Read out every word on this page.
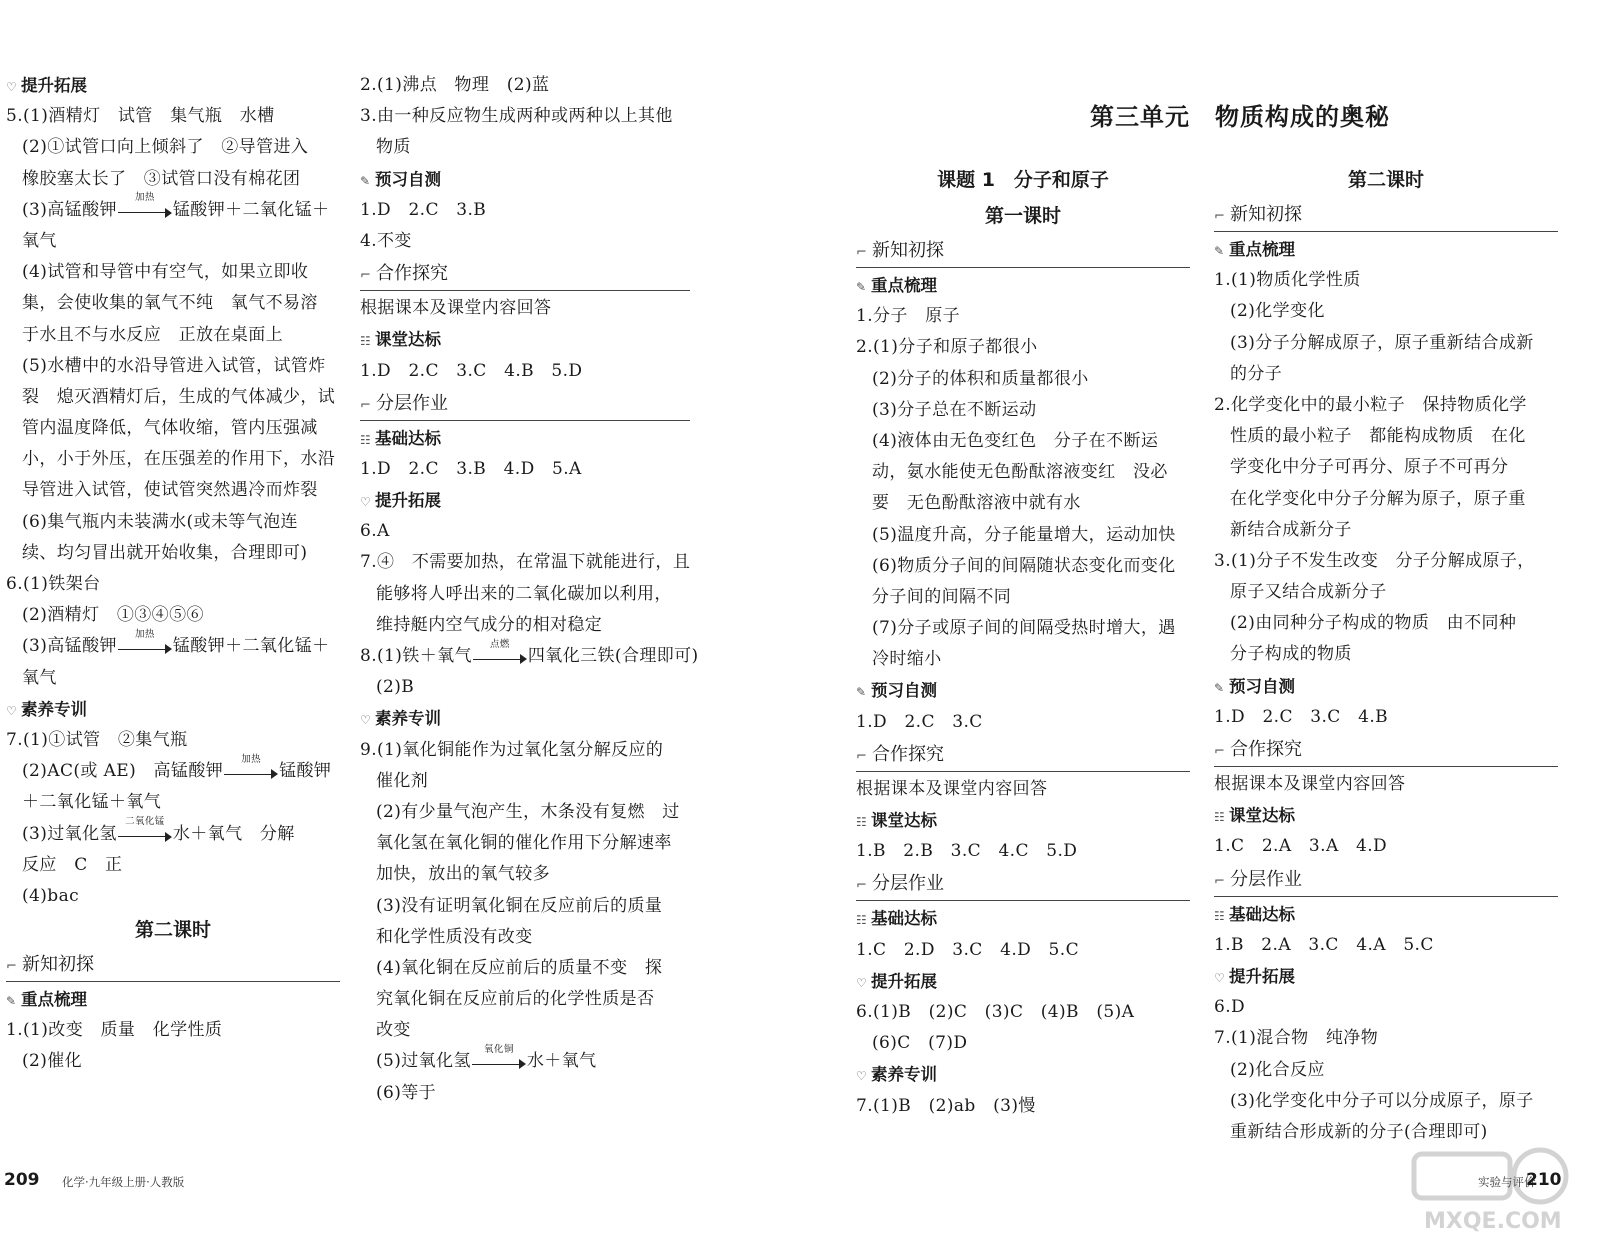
♡ 提升拓展
5.(1)酒精灯　试管　集气瓶　水槽
(2)①试管口向上倾斜了　②导管进入
橡胶塞太长了　③试管口没有棉花团
(3)高锰酸钾
加热
锰酸钾＋二氧化锰＋
氧气
(4)试管和导管中有空气，如果立即收
集，会使收集的氧气不纯　氧气不易溶
于水且不与水反应　正放在桌面上
(5)水槽中的水沿导管进入试管，试管炸
裂　熄灭酒精灯后，生成的气体减少，试
管内温度降低，气体收缩，管内压强减
小，小于外压，在压强差的作用下，水沿
导管进入试管，使试管突然遇冷而炸裂
(6)集气瓶内未装满水(或未等气泡连
续、均匀冒出就开始收集，合理即可)
6.(1)铁架台
(2)酒精灯　①③④⑤⑥
(3)高锰酸钾
加热
锰酸钾＋二氧化锰＋
氧气
♡ 素养专训
7.(1)①试管　②集气瓶
(2)AC(或 AE)　高锰酸钾
加热
锰酸钾
＋二氧化锰＋氧气
(3)过氧化氢
二氧化锰
水＋氧气　分解
反应　C　正
(4)bac
第二课时
⌐ 新知初探
✎ 重点梳理
1.(1)改变　质量　化学性质
(2)催化
2.(1)沸点　物理　(2)蓝
3.由一种反应物生成两种或两种以上其他
物质
✎ 预习自测
1.D　2.C　3.B
4.不变
⌐ 合作探究
根据课本及课堂内容回答
☷ 课堂达标
1.D　2.C　3.C　4.B　5.D
⌐ 分层作业
☷ 基础达标
1.D　2.C　3.B　4.D　5.A
♡ 提升拓展
6.A
7.④　不需要加热，在常温下就能进行，且
能够将人呼出来的二氧化碳加以利用，
维持艇内空气成分的相对稳定
8.(1)铁＋氧气
点燃
四氧化三铁(合理即可)
(2)B
♡ 素养专训
9.(1)氧化铜能作为过氧化氢分解反应的
催化剂
(2)有少量气泡产生，木条没有复燃　过
氧化氢在氧化铜的催化作用下分解速率
加快，放出的氧气较多
(3)没有证明氧化铜在反应前后的质量
和化学性质没有改变
(4)氧化铜在反应前后的质量不变　探
究氧化铜在反应前后的化学性质是否
改变
(5)过氧化氢
氧化铜
水＋氧气
(6)等于
209 化学·九年级上册·人教版
第三单元　物质构成的奥秘
课题 1　分子和原子
第一课时
⌐ 新知初探
✎ 重点梳理
1.分子　原子
2.(1)分子和原子都很小
(2)分子的体积和质量都很小
(3)分子总在不断运动
(4)液体由无色变红色　分子在不断运
动，氨水能使无色酚酞溶液变红　没必
要　无色酚酞溶液中就有水
(5)温度升高，分子能量增大，运动加快
(6)物质分子间的间隔随状态变化而变化
分子间的间隔不同
(7)分子或原子间的间隔受热时增大，遇
冷时缩小
✎ 预习自测
1.D　2.C　3.C
⌐ 合作探究
根据课本及课堂内容回答
☷ 课堂达标
1.B　2.B　3.C　4.C　5.D
⌐ 分层作业
☷ 基础达标
1.C　2.D　3.C　4.D　5.C
♡ 提升拓展
6.(1)B　(2)C　(3)C　(4)B　(5)A
(6)C　(7)D
♡ 素养专训
7.(1)B　(2)ab　(3)慢
第二课时
⌐ 新知初探
✎ 重点梳理
1.(1)物质化学性质
(2)化学变化
(3)分子分解成原子，原子重新结合成新
的分子
2.化学变化中的最小粒子　保持物质化学
性质的最小粒子　都能构成物质　在化
学变化中分子可再分、原子不可再分
在化学变化中分子分解为原子，原子重
新结合成新分子
3.(1)分子不发生改变　分子分解成原子，
原子又结合成新分子
(2)由同种分子构成的物质　由不同种
分子构成的物质
✎ 预习自测
1.D　2.C　3.C　4.B
⌐ 合作探究
根据课本及课堂内容回答
☷ 课堂达标
1.C　2.A　3.A　4.D
⌐ 分层作业
☷ 基础达标
1.B　2.A　3.C　4.A　5.C
♡ 提升拓展
6.D
7.(1)混合物　纯净物
(2)化合反应
(3)化学变化中分子可以分成原子，原子
重新结合形成新的分子(合理即可)
实验与评价
210
MXQE.COM
